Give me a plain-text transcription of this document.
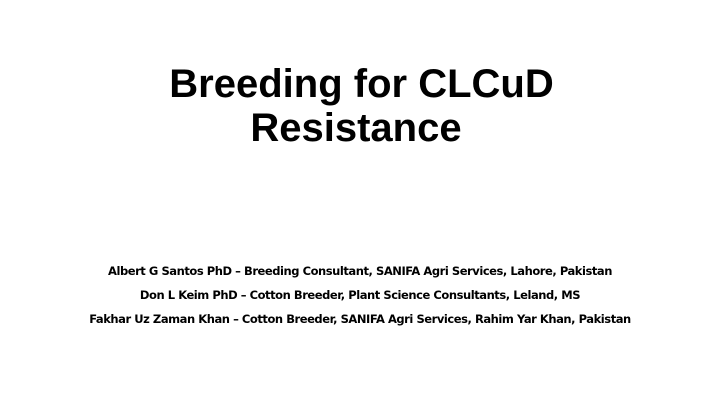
Breeding for CLCuD
Resistance
Albert G Santos PhD – Breeding Consultant, SANIFA Agri Services, Lahore, Pakistan
Don L Keim PhD – Cotton Breeder, Plant Science Consultants, Leland, MS
Fakhar Uz Zaman Khan – Cotton Breeder, SANIFA Agri Services, Rahim Yar Khan, Pakistan
